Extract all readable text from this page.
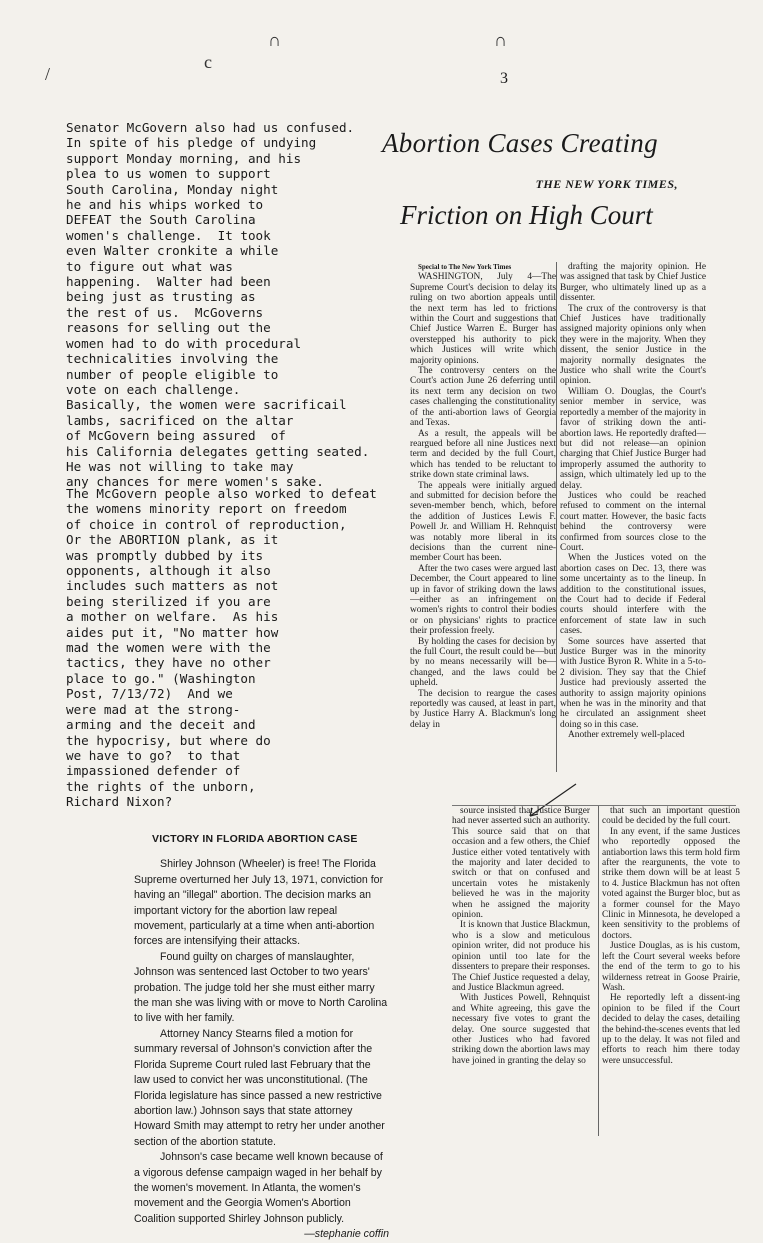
/
c
∩	∩
3

Senator McGovern also had us confused.

In spite of his pledge of undying

support Monday morning, and his

plea to us women to support

South Carolina, Monday night

he and his whips worked to

DEFEAT the South Carolina

women's challenge.  It took

even Walter cronkite a while

to figure out what was

happening.  Walter had been

being just as trusting as

the rest of us.  McGoverns

reasons for selling out the

women had to do with procedural

technicalities involving the

number of people eligible to

vote on each challenge.

Basically, the women were sacrificail

lambs, sacrificed on the altar

of McGovern being assured  of

his California delegates getting seated.

He was not willing to take may

any chances for mere women's sake.

The McGovern people also worked to defeat

the womens minority report on freedom

of choice in control of reproduction,

Or the ABORTION plank, as it

was promptly dubbed by its

opponents, although it also

includes such matters as not

being sterilized if you are

a mother on welfare.  As his

aides put it, "No matter how

mad the women were with the

tactics, they have no other

place to go." (Washington

Post, 7/13/72)  And we

were mad at the strong-

arming and the deceit and

the hypocrisy, but where do

we have to go?  to that

impassioned defender of

the rights of the unborn,

Richard Nixon?

Abortion Cases Creating
THE NEW YORK TIMES,
Friction on High Court

Special to The New York Times

WASHINGTON, July 4—The Supreme Court's decision to delay its ruling on two abortion appeals until the next term has led to frictions within the Court and suggestions that Chief Justice Warren E. Burger has overstepped his authority to pick which Justices will write which majority opinions.

The controversy centers on the Court's action June 26 deferring until its next term any decision on two cases challenging the constitutionality of the anti-abortion laws of Georgia and Texas.

As a result, the appeals will be reargued before all nine Justices next term and decided by the full Court, which has tended to be reluctant to strike down state criminal laws.

The appeals were initially argued and submitted for decision before the seven-member bench, which, before the addition of Justices Lewis F. Powell Jr. and William H. Rehnquist was notably more liberal in its decisions than the current nine-member Court has been.

After the two cases were argued last December, the Court appeared to line up in favor of striking down the laws—either as an infringement on women's rights to control their bodies or on physicians' rights to practice their profession freely.

By holding the cases for decision by the full Court, the result could be—but by no means necessarily will be—changed, and the laws could be upheld.

The decision to reargue the cases reportedly was caused, at least in part, by Justice Harry A. Blackmun's long delay in

drafting the majority opinion. He was assigned that task by Chief Justice Burger, who ultimately lined up as a dissenter.

The crux of the controversy is that Chief Justices have traditionally assigned majority opinions only when they were in the majority. When they dissent, the senior Justice in the majority normally designates the Justice who shall write the Court's opinion.

William O. Douglas, the Court's senior member in service, was reportedly a member of the majority in favor of striking down the anti-abortion laws. He reportedly drafted—but did not release—an opinion charging that Chief Justice Burger had improperly assumed the authority to assign, which ultimately led up to the delay.

Justices who could be reached refused to comment on the internal court matter. However, the basic facts behind the controversy were confirmed from sources close to the Court.

When the Justices voted on the abortion cases on Dec. 13, there was some uncertainty as to the lineup. In addition to the constitutional issues, the Court had to decide if Federal courts should interfere with the enforcement of state law in such cases.

Some sources have asserted that Justice Burger was in the minority with Justice Byron R. White in a 5-to-2 division. They say that the Chief Justice had previously asserted the authority to assign majority opinions when he was in the minority and that he circulated an assignment sheet doing so in this case.

Another extremely well-placed

source insisted that Justice Burger had never asserted such an authority. This source said that on that occasion and a few others, the Chief Justice either voted tentatively with the majority and later decided to switch or that on confused and uncertain votes he mistakenly believed he was in the majority when he assigned the majority opinion.

It is known that Justice Blackmun, who is a slow and meticulous opinion writer, did not produce his opinion until too late for the dissenters to prepare their responses. The Chief Justice requested a delay, and Justice Blackmun agreed.

With Justices Powell, Rehnquist and White agreeing, this gave the necessary five votes to grant the delay. One source suggested that other Justices who had favored striking down the abortion laws may have joined in granting the delay so

that such an important question could be decided by the full court.

In any event, if the same Justices who reportedly opposed the antiabortion laws this term hold firm after the reargunents, the vote to strike them down will be at least 5 to 4. Justice Blackmun has not often voted against the Burger bloc, but as a former counsel for the Mayo Clinic in Minnesota, he developed a keen sensitivity to the problems of doctors.

Justice Douglas, as is his custom, left the Court several weeks before the end of the term to go to his wilderness retreat in Goose Prairie, Wash.

He reportedly left a dissent-ing opinion to be filed if the Court decided to delay the cases, detailing the behind-the-scenes events that led up to the delay. It was not filed and efforts to reach him there today were unsuccessful.

VICTORY IN FLORIDA ABORTION CASE

Shirley Johnson (Wheeler) is free! The Florida Supreme overturned her July 13, 1971, conviction for having an "illegal" abortion. The decision marks an important victory for the abortion law repeal movement, particularly at a time when anti-abortion forces are intensifying their attacks.

Found guilty on charges of manslaughter, Johnson was sentenced last October to two years' probation. The judge told her she must either marry the man she was living with or move to North Carolina to live with her family.

Attorney Nancy Stearns filed a motion for summary reversal of Johnson's conviction after the Florida Supreme Court ruled last February that the law used to convict her was unconstitutional. (The Florida legislature has since passed a new restrictive abortion law.) Johnson says that state attorney Howard Smith may attempt to retry her under another section of the abortion statute.

Johnson's case became well known because of a vigorous defense campaign waged in her behalf by the women's movement. In Atlanta, the women's movement and the Georgia Women's Abortion Coalition supported Shirley Johnson publicly.

—stephanie coffin
